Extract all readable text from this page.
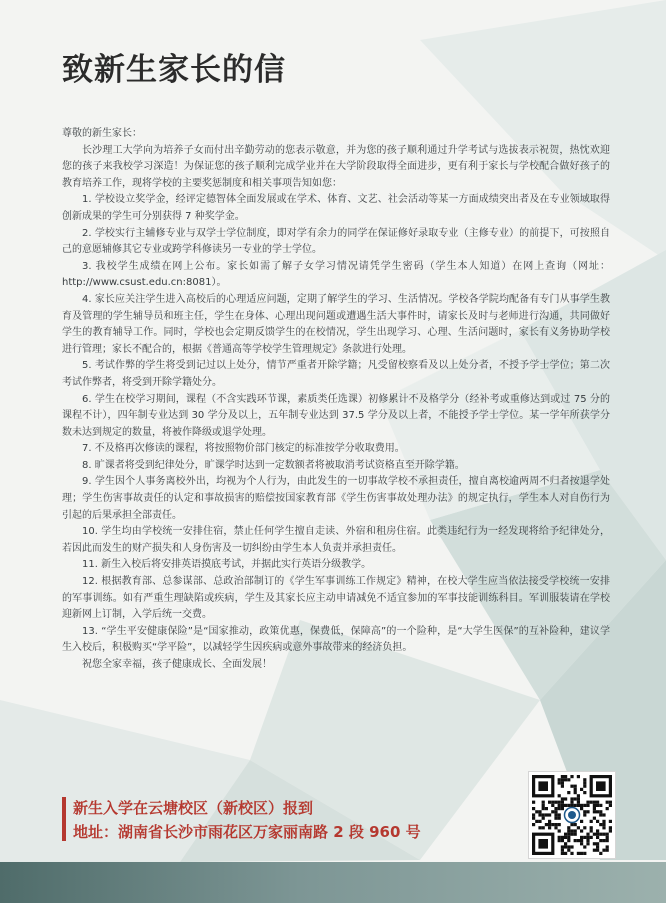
致新生家长的信

尊敬的新生家长：

长沙理工大学向为培养子女而付出辛勤劳动的您表示敬意，并为您的孩子顺利通过升学考试与选拔表示祝贺，热忱欢迎您的孩子来我校学习深造！为保证您的孩子顺利完成学业并在大学阶段取得全面进步，更有利于家长与学校配合做好孩子的教育培养工作，现将学校的主要奖惩制度和相关事项告知如您：

1. 学校设立奖学金，经评定德智体全面发展或在学术、体育、文艺、社会活动等某一方面成绩突出者及在专业领域取得创新成果的学生可分别获得 7 种奖学金。

2. 学校实行主辅修专业与双学士学位制度，即对学有余力的同学在保证修好录取专业（主修专业）的前提下，可按照自己的意愿辅修其它专业或跨学科修读另一专业的学士学位。

3. 我校学生成绩在网上公布。家长如需了解子女学习情况请凭学生密码（学生本人知道）在网上查询（网址：http://www.csust.edu.cn:8081）。

4. 家长应关注学生进入高校后的心理适应问题，定期了解学生的学习、生活情况。学校各学院均配备有专门从事学生教育及管理的学生辅导员和班主任，学生在身体、心理出现问题或遭遇生活大事件时，请家长及时与老师进行沟通，共同做好学生的教育辅导工作。同时，学校也会定期反馈学生的在校情况，学生出现学习、心理、生活问题时，家长有义务协助学校进行管理；家长不配合的，根据《普通高等学校学生管理规定》条款进行处理。

5. 考试作弊的学生将受到记过以上处分，情节严重者开除学籍；凡受留校察看及以上处分者，不授予学士学位；第二次考试作弊者，将受到开除学籍处分。

6. 学生在校学习期间，课程（不含实践环节课，素质类任选课）初修累计不及格学分（经补考或重修达到或过 75 分的课程不计），四年制专业达到 30 学分及以上，五年制专业达到 37.5 学分及以上者，不能授予学士学位。某一学年所获学分数未达到规定的数量，将被作降级或退学处理。

7. 不及格再次修读的课程，将按照物价部门核定的标准按学分收取费用。

8. 旷课者将受到纪律处分，旷课学时达到一定数额者将被取消考试资格直至开除学籍。

9. 学生因个人事务离校外出，均视为个人行为，由此发生的一切事故学校不承担责任，擅自离校逾两周不归者按退学处理；学生伤害事故责任的认定和事故损害的赔偿按国家教育部《学生伤害事故处理办法》的规定执行，学生本人对自伤行为引起的后果承担全部责任。

10. 学生均由学校统一安排住宿，禁止任何学生擅自走读、外宿和租房住宿。此类违纪行为一经发现将给予纪律处分，若因此而发生的财产损失和人身伤害及一切纠纷由学生本人负责并承担责任。

11. 新生入校后将安排英语摸底考试，并据此实行英语分级教学。

12. 根据教育部、总参谋部、总政治部制订的《学生军事训练工作规定》精神，在校大学生应当依法接受学校统一安排的军事训练。如有严重生理缺陷或疾病，学生及其家长应主动申请减免不适宜参加的军事技能训练科目。军训服装请在学校迎新网上订制，入学后统一交费。

13. “学生平安健康保险”是“国家推动，政策优惠，保费低，保障高”的一个险种，是“大学生医保”的互补险种，建议学生入校后，积极购买“学平险”，以减轻学生因疾病或意外事故带来的经济负担。

祝您全家幸福，孩子健康成长、全面发展！

新生入学在云塘校区（新校区）报到
地址：湖南省长沙市雨花区万家丽南路 2 段 960 号
